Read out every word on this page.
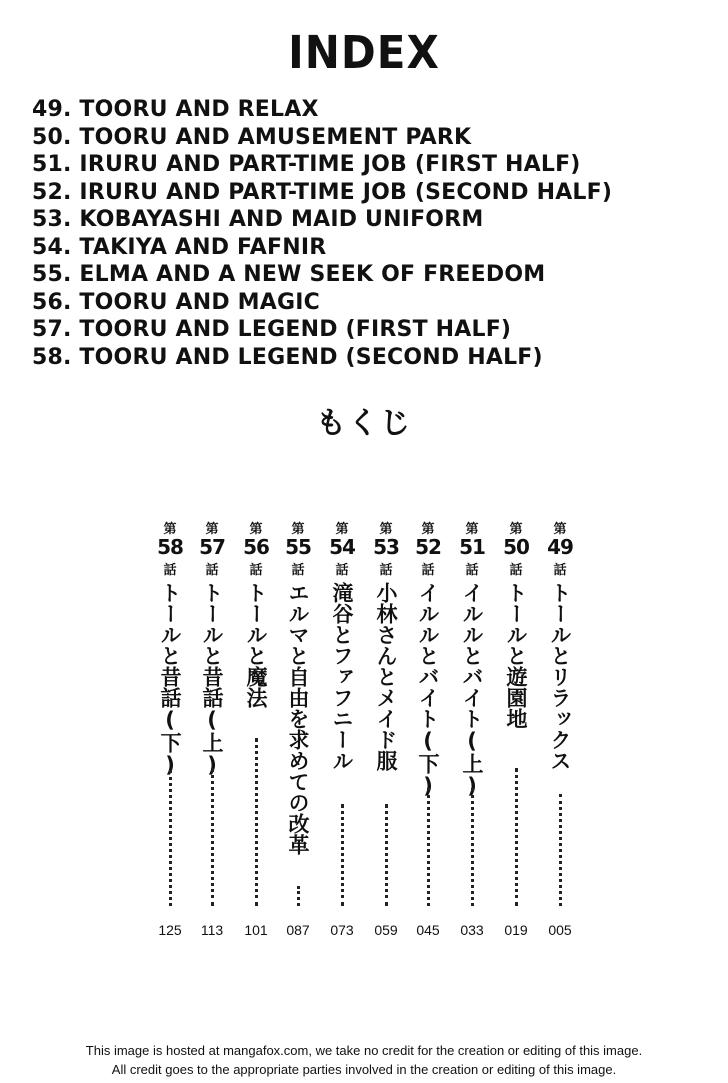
INDEX
49. TOORU AND RELAX
50. TOORU AND AMUSEMENT PARK
51. IRURU AND PART-TIME JOB (FIRST HALF)
52. IRURU AND PART-TIME JOB (SECOND HALF)
53. KOBAYASHI AND MAID UNIFORM
54. TAKIYA AND FAFNIR
55. ELMA AND A NEW SEEK OF FREEDOM
56. TOORU AND MAGIC
57. TOORU AND LEGEND (FIRST HALF)
58. TOORU AND LEGEND (SECOND HALF)
もくじ
第
58
話
トールと昔話(下)
125
第
57
話
トールと昔話(上)
113
第
56
話
トールと魔法
101
第
55
話
エルマと自由を求めての改革
087
第
54
話
滝谷とファフニール
073
第
53
話
小林さんとメイド服
059
第
52
話
イルルとバイト(下)
045
第
51
話
イルルとバイト(上)
033
第
50
話
トールと遊園地
019
第
49
話
トールとリラックス
005
This image is hosted at mangafox.com, we take no credit for the creation or editing of this image.
All credit goes to the appropriate parties involved in the creation or editing of this image.
